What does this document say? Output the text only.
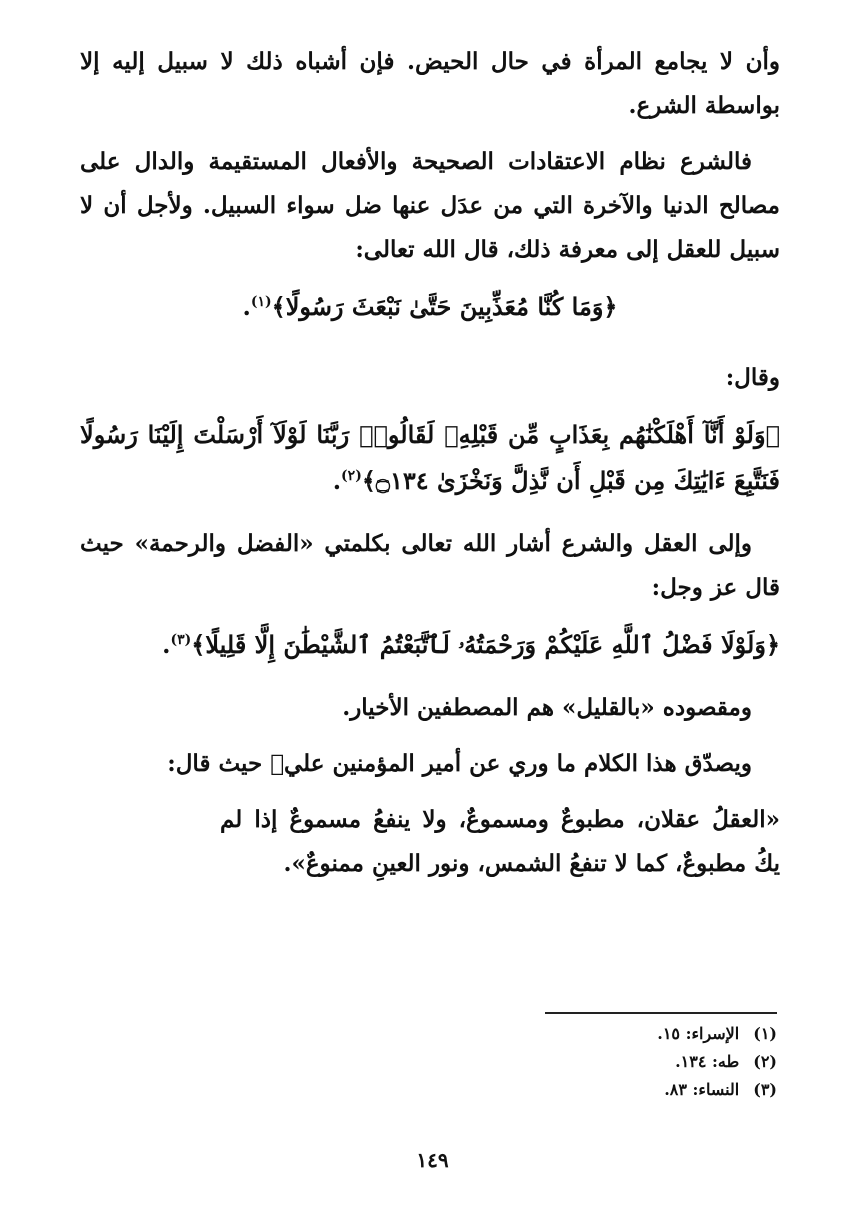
وأن لا يجامع المرأة في حال الحيض. فإن أشباه ذلك لا سبيل إليه إلا بواسطة الشرع.

فالشرع نظام الاعتقادات الصحيحة والأفعال المستقيمة والدال على مصالح الدنيا والآخرة التي من عدَل عنها ضل سواء السبيل. ولأجل أن لا سبيل للعقل إلى معرفة ذلك، قال الله تعالى:

﴿وَمَا كُنَّا مُعَذِّبِينَ حَتَّىٰ نَبْعَثَ رَسُولًا﴾$^{(١)}$.

وقال:

﴿وَلَوْ أَنَّآ أَهْلَكْنَٰهُم بِعَذَابٍ مِّن قَبْلِهِۦ لَقَالُوا۟ رَبَّنَا لَوْلَآ أَرْسَلْتَ إِلَيْنَا رَسُولًا فَنَتَّبِعَ ءَايَٰتِكَ مِن قَبْلِ أَن نَّذِلَّ وَنَخْزَىٰ ۝١٣٤﴾$^{(٢)}$.

وإلى العقل والشرع أشار الله تعالى بكلمتي «الفضل والرحمة» حيث قال عز وجل:

﴿وَلَوْلَا فَضْلُ ٱللَّهِ عَلَيْكُمْ وَرَحْمَتُهُۥ لَٱتَّبَعْتُمُ ٱلشَّيْطَٰنَ إِلَّا قَلِيلًا﴾$^{(٣)}$.

ومقصوده «بالقليل» هم المصطفين الأخيار.

ويصدّق هذا الكلام ما وري عن أمير المؤمنين علي﷣ حيث قال:

«العقلُ عقلان، مطبوعٌ ومسموعٌ، ولا ينفعُ مسموعٌ إذا لم يكُ مطبوعٌ، كما لا تنفعُ الشمس، ونور العينِ ممنوعٌ».

(١)
الإسراء: ١٥.
(٢)
طه: ١٣٤.
(٣)
النساء: ٨٣.
١٤٩
